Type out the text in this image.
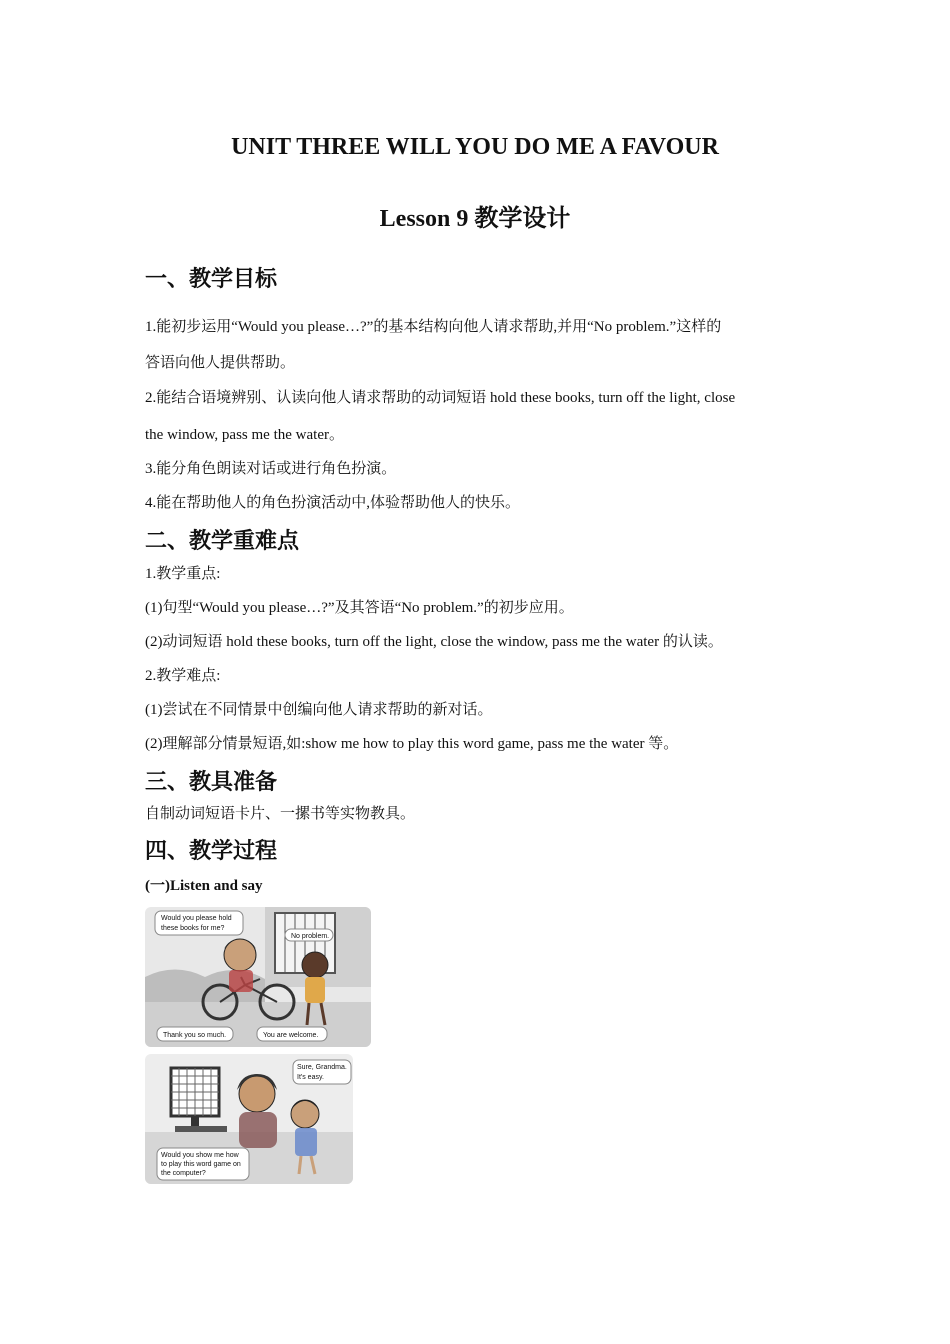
UNIT THREE WILL YOU DO ME A FAVOUR
Lesson 9 教学设计
一、教学目标
1.能初步运用“Would you please…?”的基本结构向他人请求帮助,并用“No problem.”这样的
答语向他人提供帮助。
2.能结合语境辨别、认读向他人请求帮助的动词短语 hold these books, turn off the light, close
the window, pass me the water。
3.能分角色朗读对话或进行角色扮演。
4.能在帮助他人的角色扮演活动中,体验帮助他人的快乐。
二、教学重难点
1.教学重点:
(1)句型“Would you please…?”及其答语“No problem.”的初步应用。
(2)动词短语 hold these books, turn off the light, close the window, pass me the water 的认读。
2.教学难点:
(1)尝试在不同情景中创编向他人请求帮助的新对话。
(2)理解部分情景短语,如:show me how to play this word game, pass me the water 等。
三、教具准备
自制动词短语卡片、一摞书等实物教具。
四、教学过程
(一)Listen and say
Would you please hold
these books for me?
No problem.
Thank you so much.	You are welcome.
Sure, Grandma.
It's easy.
Would you show me how
to play this word game on
the computer?
